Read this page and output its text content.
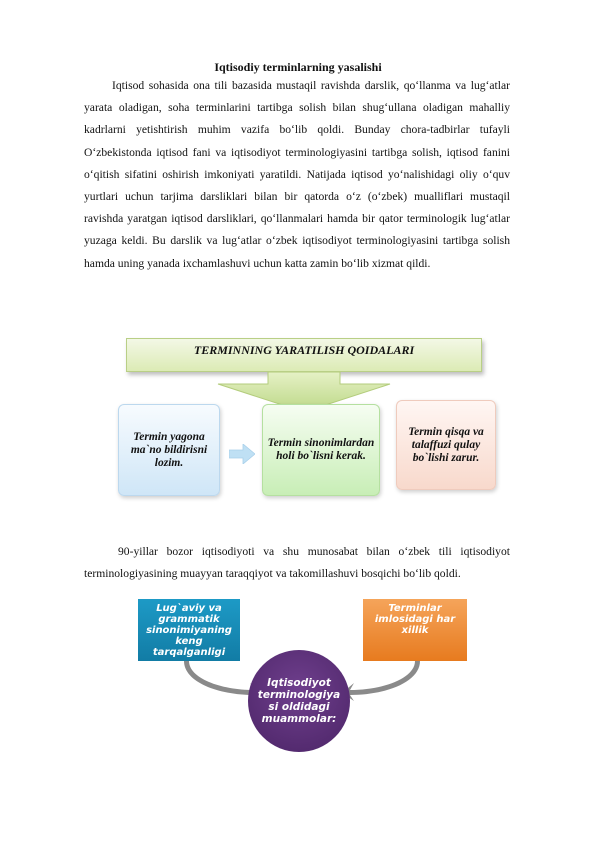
Iqtisodiy terminlarning yasalishi

Iqtisod sohasida ona tili bazasida mustaqil ravishda darslik, qo‘llanma va lug‘atlar yarata oladigan, soha terminlarini tartibga solish bilan shug‘ullana oladigan mahalliy kadrlarni yetishtirish muhim vazifa bo‘lib qoldi. Bunday chora-tadbirlar tufayli O‘zbekistonda iqtisod fani va iqtisodiyot terminologiyasini tartibga solish, iqtisod fanini o‘qitish sifatini oshirish imkoniyati yaratildi. Natijada iqtisod yo‘nalishidagi oliy o‘quv yurtlari uchun tarjima darsliklari bilan bir qatorda o‘z (o‘zbek) mualliflari mustaqil ravishda yaratgan iqtisod darsliklari, qo‘llanmalari hamda bir qator terminologik lug‘atlar yuzaga keldi. Bu darslik va lug‘atlar o‘zbek iqtisodiyot terminologiyasini tartibga solish hamda uning yanada ixchamlashuvi uchun katta zamin bo‘lib xizmat qildi.

TERMINNING YARATILISH QOIDALARI
Termin yagona ma`no bildirisni lozim.
Termin sinonimlardan holi bo`lisni kerak.
Termin qisqa va talaffuzi qulay bo`lishi zarur.

90-yillar bozor iqtisodiyoti va shu munosabat bilan o‘zbek tili iqtisodiyot terminologiyasining muayyan taraqqiyot va takomillashuvi bosqichi bo‘lib qoldi.

Lug`aviy va grammatik sinonimiyaning keng tarqalganligi
Terminlar imlosidagi har xillik
Iqtisodiyot terminologiya si oldidagi muammolar:
